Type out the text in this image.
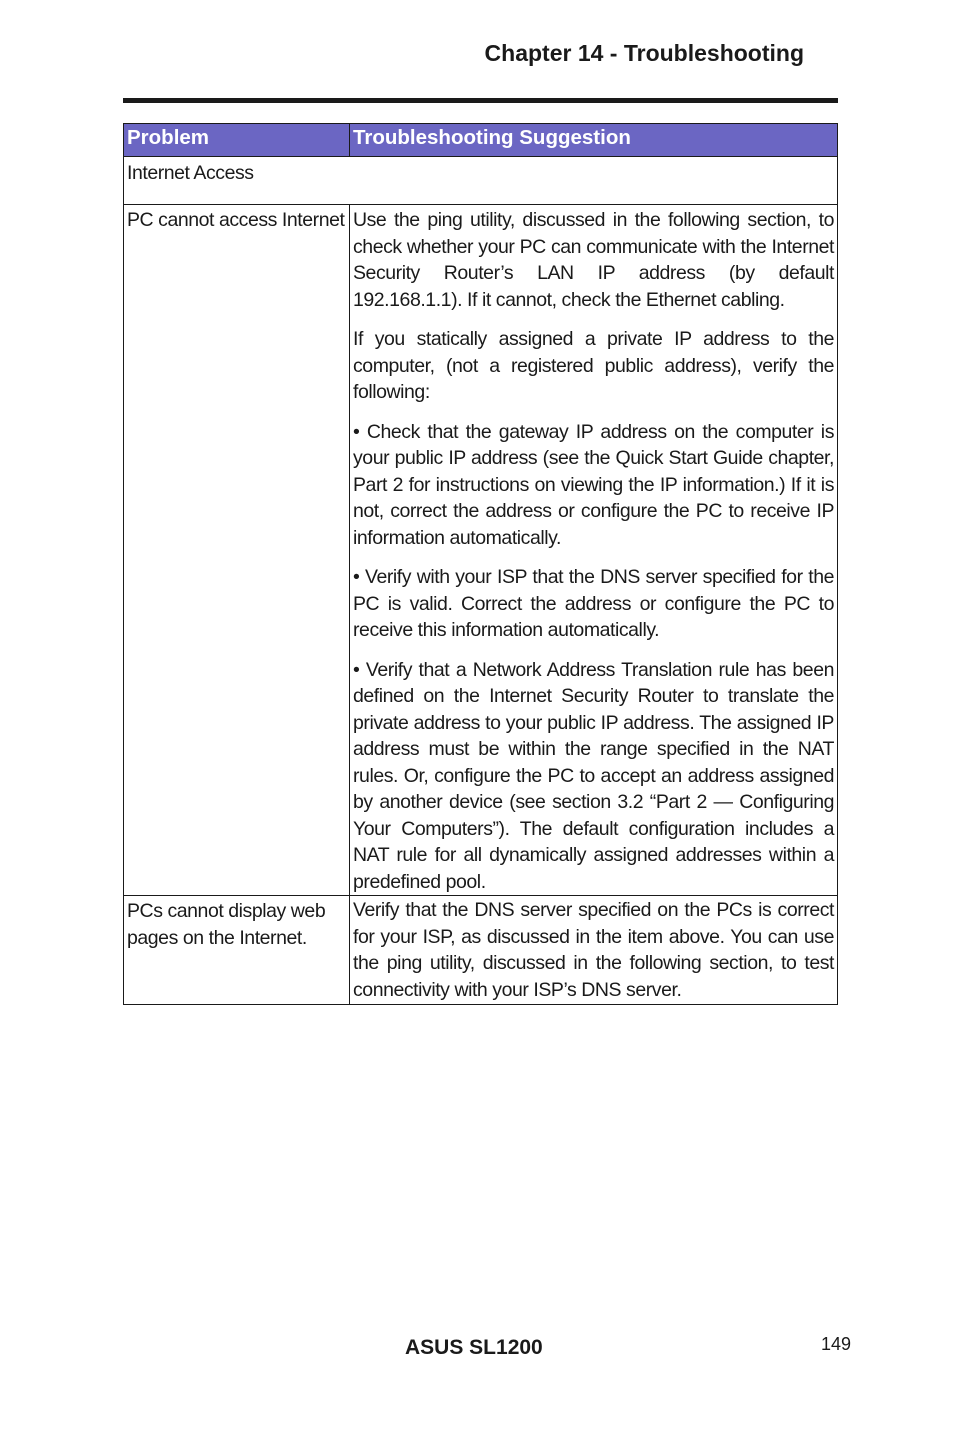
Chapter 14 - Troubleshooting
Problem	Troubleshooting Suggestion
Internet Access	
PC cannot access Internet	Use the ping utility, discussed in the following section, to check whether your PC can communicate with the Internet Security Router’s LAN IP address (by default 192.168.1.1). If it cannot, check the Ethernet cabling.

If you statically assigned a private IP address to the computer, (not a registered public address), verify the following:

• Check that the gateway IP address on the computer is your public IP address (see the Quick Start Guide chapter, Part 2 for instructions on viewing the IP information.) If it is not, correct the address or configure the PC to receive IP information automatically.

• Verify with your ISP that the DNS server specified for the PC is valid. Correct the address or configure the PC to receive this information automatically.

• Verify that a Network Address Translation rule has been defined on the Internet Security Router to translate the private address to your public IP address. The assigned IP address must be within the range specified in the NAT rules. Or, configure the PC to accept an address assigned by another device (see section 3.2 “Part 2 — Configuring Your Computers”). The default configuration includes a NAT rule for all dynamically assigned addresses within a predefined pool.

PCs cannot display web pages on the Internet.	Verify that the DNS server specified on the PCs is correct for your ISP, as discussed in the item above. You can use the ping utility, discussed in the following section, to test connectivity with your ISP’s DNS server.

ASUS SL1200	149
